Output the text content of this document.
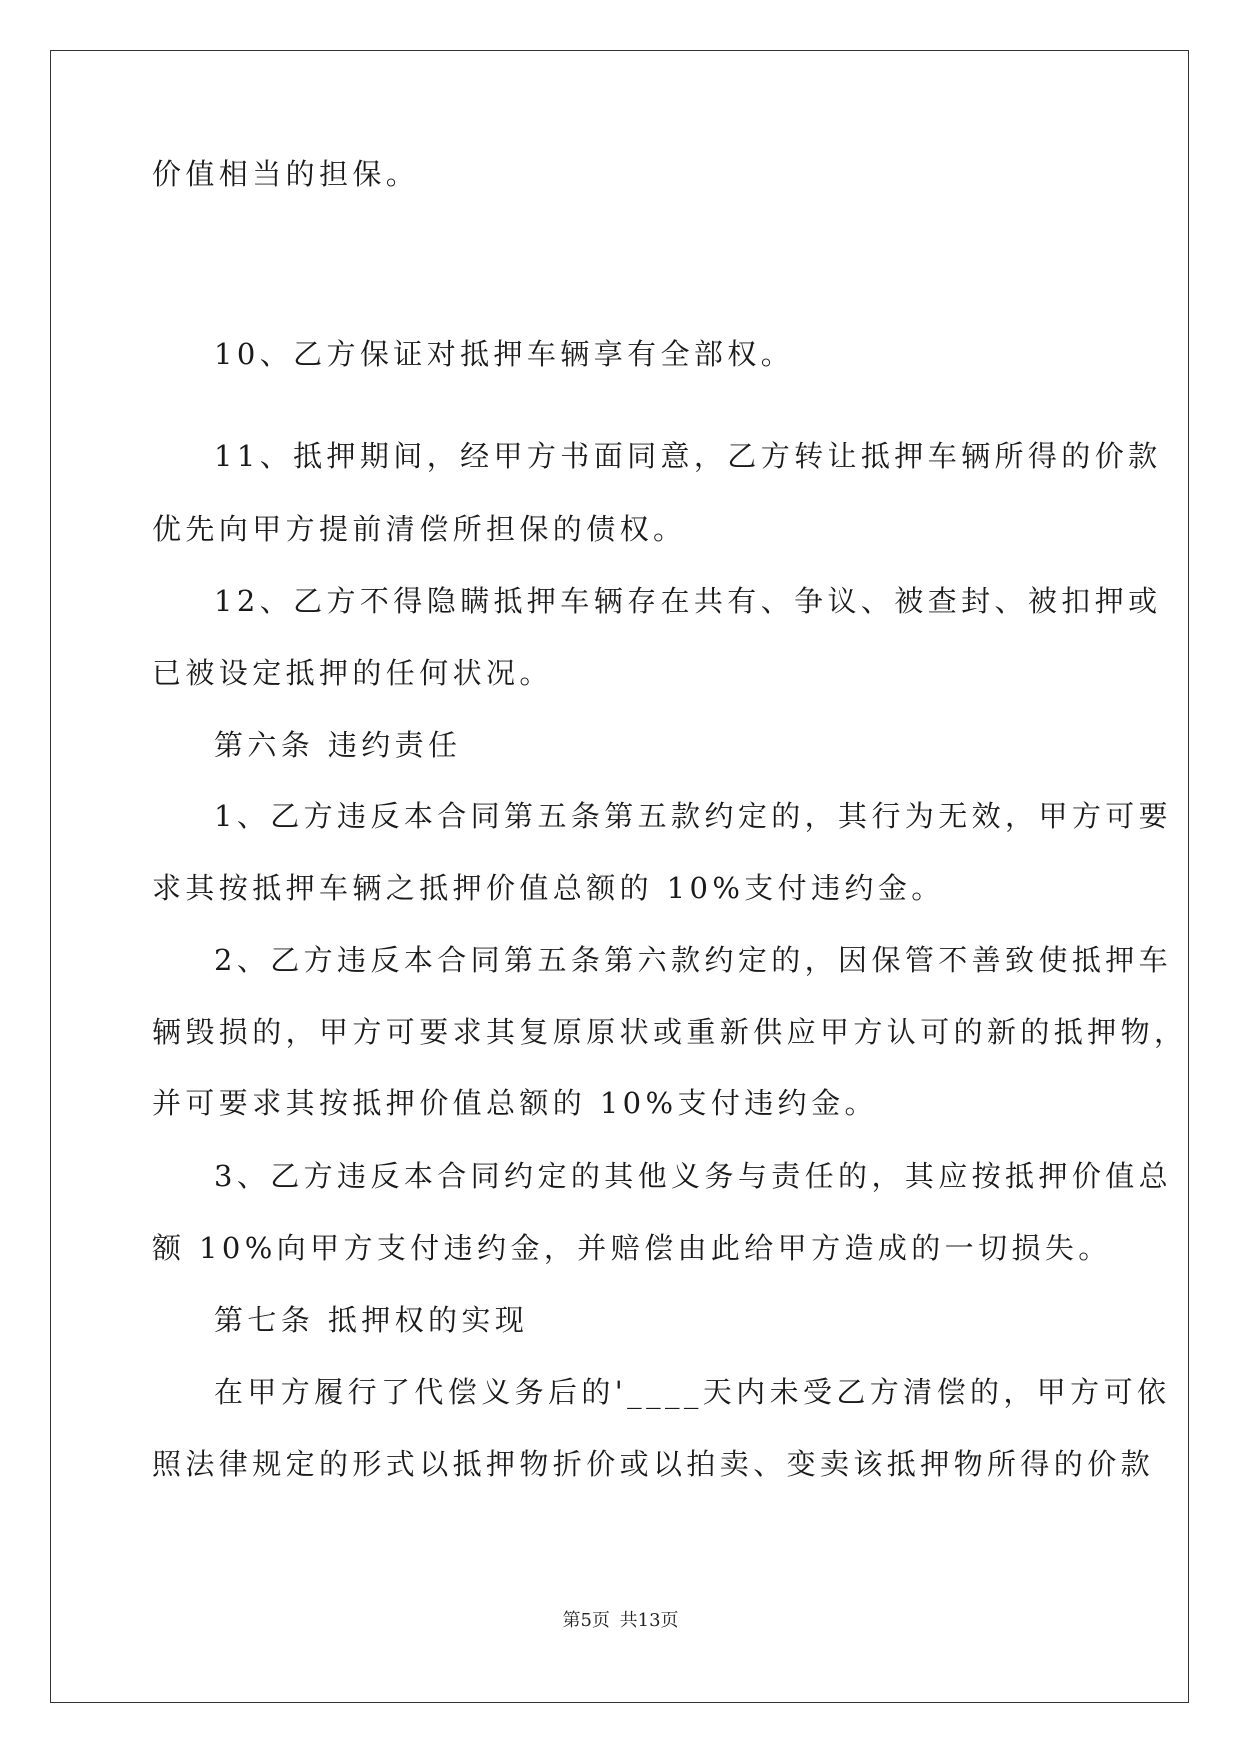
价值相当的担保。
10、乙方保证对抵押车辆享有全部权。
11、抵押期间，经甲方书面同意，乙方转让抵押车辆所得的价款
优先向甲方提前清偿所担保的债权。
12、乙方不得隐瞒抵押车辆存在共有、争议、被查封、被扣押或
已被设定抵押的任何状况。
第六条 违约责任
1、乙方违反本合同第五条第五款约定的，其行为无效，甲方可要
求其按抵押车辆之抵押价值总额的 10%支付违约金。
2、乙方违反本合同第五条第六款约定的，因保管不善致使抵押车
辆毁损的，甲方可要求其复原原状或重新供应甲方认可的新的抵押物，
并可要求其按抵押价值总额的 10%支付违约金。
3、乙方违反本合同约定的其他义务与责任的，其应按抵押价值总
额 10%向甲方支付违约金，并赔偿由此给甲方造成的一切损失。
第七条 抵押权的实现
在甲方履行了代偿义务后的'____天内未受乙方清偿的，甲方可依
照法律规定的形式以抵押物折价或以拍卖、变卖该抵押物所得的价款
第5页 共13页
